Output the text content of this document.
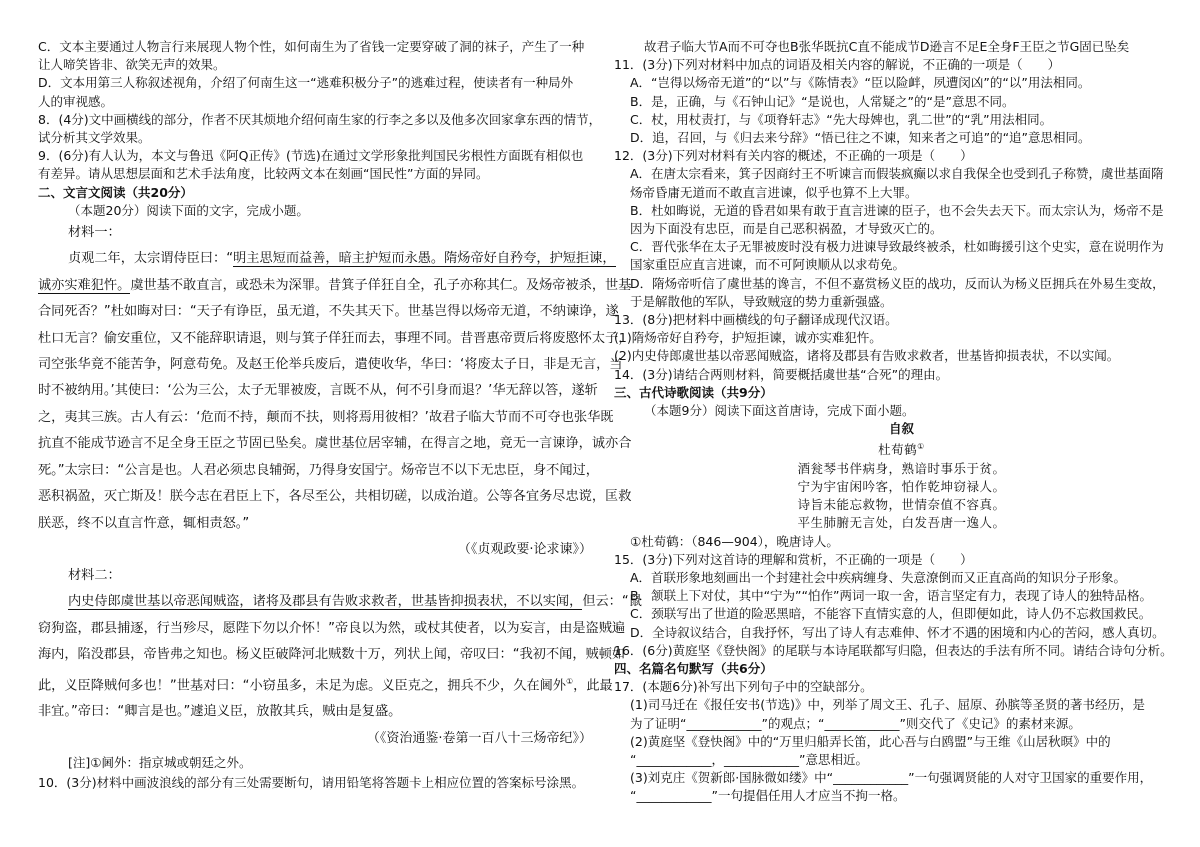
C．文本主要通过人物言行来展现人物个性，如何南生为了省钱一定要穿破了洞的袜子，产生了一种

让人啼笑皆非、欲笑无声的效果。

D．文本用第三人称叙述视角，介绍了何南生这一“逃难积极分子”的逃难过程，使读者有一种局外

人的审视感。

8．(4分)文中画横线的部分，作者不厌其烦地介绍何南生家的行李之多以及他多次回家拿东西的情节，

试分析其文学效果。

9．(6分)有人认为，本文与鲁迅《阿Q正传》(节选)在通过文学形象批判国民劣根性方面既有相似也

有差异。请从思想层面和艺术手法角度，比较两文本在刻画“国民性”方面的异同。

二、文言文阅读（共20分）

（本题20分）阅读下面的文字，完成小题。

材料一：

贞观二年，太宗谓侍臣曰：“明主思短而益善，暗主护短而永愚。隋炀帝好自矜夸，护短拒谏，

诚亦实难犯忤。虞世基不敢直言，或恐未为深罪。昔箕子佯狂自全，孔子亦称其仁。及炀帝被杀，世基

合同死否？”杜如晦对曰：“天子有诤臣，虽无道，不失其天下。世基岂得以炀帝无道，不纳谏诤，遂

杜口无言？偷安重位，又不能辞职请退，则与箕子佯狂而去，事理不同。昔晋惠帝贾后将废愍怀太子，

司空张华竟不能苦争，阿意苟免。及赵王伦举兵废后，遣使收华，华曰：‘将废太子日，非是无言，当

时不被纳用。’其使曰：‘公为三公，太子无罪被废，言既不从，何不引身而退？’华无辞以答，遂斩

之，夷其三族。古人有云：‘危而不持，颠而不扶，则将焉用彼相？’故君子临大节而不可夺也张华既

抗直不能成节逊言不足全身王臣之节固已坠矣。虞世基位居宰辅，在得言之地，竟无一言谏诤，诚亦合

死。”太宗曰：“公言是也。人君必须忠良辅弼，乃得身安国宁。炀帝岂不以下无忠臣，身不闻过，

恶积祸盈，灭亡斯及！朕今志在君臣上下，各尽至公，共相切磋，以成治道。公等各宜务尽忠谠，匡救

朕恶，终不以直言忤意，辄相责怒。”

（《贞观政要·论求谏》）

材料二：

内史侍郎虞世基以帝恶闻贼盗，诸将及郡县有告败求救者，世基皆抑损表状，不以实闻，但云：“鼠

窃狗盗，郡县捕逐，行当殄尽，愿陛下勿以介怀！”帝良以为然，或杖其使者，以为妄言，由是盗贼遍

海内，陷没郡县，帝皆弗之知也。杨义臣破降河北贼数十万，列状上闻，帝叹曰：“我初不闻，贼顿如

此，义臣降贼何多也！”世基对曰：“小窃虽多，未足为虑。义臣克之，拥兵不少，久在阃外①，此最

非宜。”帝曰：“卿言是也。”遽追义臣，放散其兵，贼由是复盛。

（《资治通鉴·卷第一百八十三炀帝纪》）

[注]①阃外：指京城或朝廷之外。

10．(3分)材料中画波浪线的部分有三处需要断句，请用铅笔将答题卡上相应位置的答案标号涂黑。

故君子临大节A而不可夺也B张华既抗C直不能成节D逊言不足E全身F王臣之节G固已坠矣

11．(3分)下列对材料中加点的词语及相关内容的解说，不正确的一项是（　　）

A．“岂得以炀帝无道”的“以”与《陈情表》“臣以险衅，夙遭闵凶”的“以”用法相同。

B．是，正确，与《石钟山记》“是说也，人常疑之”的“是”意思不同。

C．杖，用杖责打，与《项脊轩志》“先大母婢也，乳二世”的“乳”用法相同。

D．追，召回，与《归去来兮辞》“悟已往之不谏，知来者之可追”的“追”意思相同。

12．(3分)下列对材料有关内容的概述，不正确的一项是（　　）

A．在唐太宗看来，箕子因商纣王不听谏言而假装疯癫以求自我保全也受到孔子称赞，虞世基面隋

炀帝昏庸无道而不敢直言进谏，似乎也算不上大罪。

B．杜如晦说，无道的昏君如果有敢于直言进谏的臣子，也不会失去天下。而太宗认为，炀帝不是

因为下面没有忠臣，而是自己恶积祸盈，才导致灭亡的。

C．晋代张华在太子无罪被废时没有极力进谏导致最终被杀，杜如晦援引这个史实，意在说明作为

国家重臣应直言进谏，而不可阿谀顺从以求苟免。

D．隋炀帝听信了虞世基的谗言，不但不嘉赏杨义臣的战功，反而认为杨义臣拥兵在外易生变故，

于是解散他的军队，导致贼寇的势力重新强盛。

13．(8分)把材料中画横线的句子翻译成现代汉语。

(1)隋炀帝好自矜夸，护短拒谏，诚亦实难犯忤。

(2)内史侍郎虞世基以帝恶闻贼盗，诸将及郡县有告败求救者，世基皆抑损表状，不以实闻。

14．(3分)请结合两则材料，简要概括虞世基“合死”的理由。

三、古代诗歌阅读（共9分）

（本题9分）阅读下面这首唐诗，完成下面小题。

自叙

杜荀鹤①

酒瓮琴书伴病身，熟谙时事乐于贫。

宁为宇宙闲吟客，怕作乾坤窃禄人。

诗旨未能忘救物，世情奈值不容真。

平生肺腑无言处，白发吾唐一逸人。

①杜荀鹤：（846—904），晚唐诗人。

15．(3分)下列对这首诗的理解和赏析，不正确的一项是（　　）

A．首联形象地刻画出一个封建社会中疾病缠身、失意潦倒而又正直高尚的知识分子形象。

B．颔联上下对仗，其中“宁为”“怕作”两词一取一舍，语言坚定有力，表现了诗人的独特品格。

C．颈联写出了世道的险恶黑暗，不能容下直情实意的人，但即便如此，诗人仍不忘救国救民。

D．全诗叙议结合，自我抒怀，写出了诗人有志难伸、怀才不遇的困境和内心的苦闷，感人真切。

16．(6分)黄庭坚《登快阁》的尾联与本诗尾联都写归隐，但表达的手法有所不同。请结合诗句分析。

四、名篇名句默写（共6分）

17．(本题6分)补写出下列句子中的空缺部分。

(1)司马迁在《报任安书(节选)》中，列举了周文王、孔子、屈原、孙膑等圣贤的著书经历，是

为了证明“____________”的观点；“____________”则交代了《史记》的素材来源。

(2)黄庭坚《登快阁》中的“万里归船弄长笛，此心吾与白鸥盟”与王维《山居秋暝》中的

“____________，____________”意思相近。

(3)刘克庄《贺新郎·国脉微如缕》中“____________”一句强调贤能的人对守卫国家的重要作用，

“____________”一句提倡任用人才应当不拘一格。
